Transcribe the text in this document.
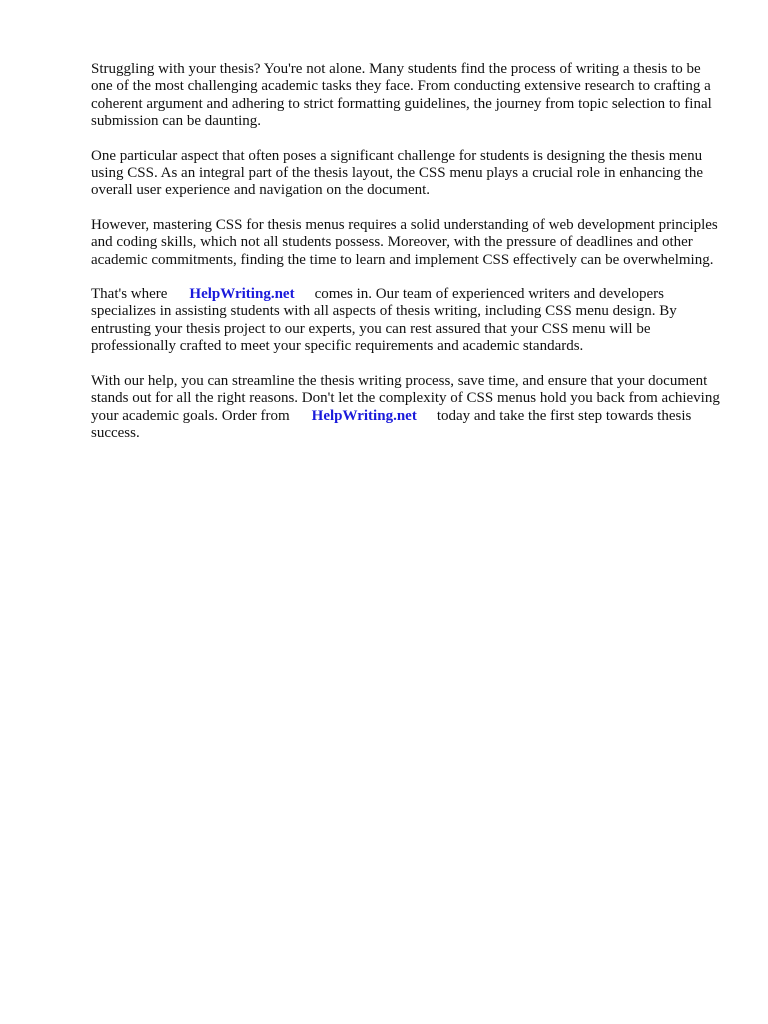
Struggling with your thesis? You're not alone. Many students find the process of writing a thesis to be one of the most challenging academic tasks they face. From conducting extensive research to crafting a coherent argument and adhering to strict formatting guidelines, the journey from topic selection to final submission can be daunting.

One particular aspect that often poses a significant challenge for students is designing the thesis menu using CSS. As an integral part of the thesis layout, the CSS menu plays a crucial role in enhancing the overall user experience and navigation on the document.

However, mastering CSS for thesis menus requires a solid understanding of web development principles and coding skills, which not all students possess. Moreover, with the pressure of deadlines and other academic commitments, finding the time to learn and implement CSS effectively can be overwhelming.

That's where HelpWriting.net comes in. Our team of experienced writers and developers specializes in assisting students with all aspects of thesis writing, including CSS menu design. By entrusting your thesis project to our experts, you can rest assured that your CSS menu will be professionally crafted to meet your specific requirements and academic standards.

With our help, you can streamline the thesis writing process, save time, and ensure that your document stands out for all the right reasons. Don't let the complexity of CSS menus hold you back from achieving your academic goals. Order from HelpWriting.net today and take the first step towards thesis success.
